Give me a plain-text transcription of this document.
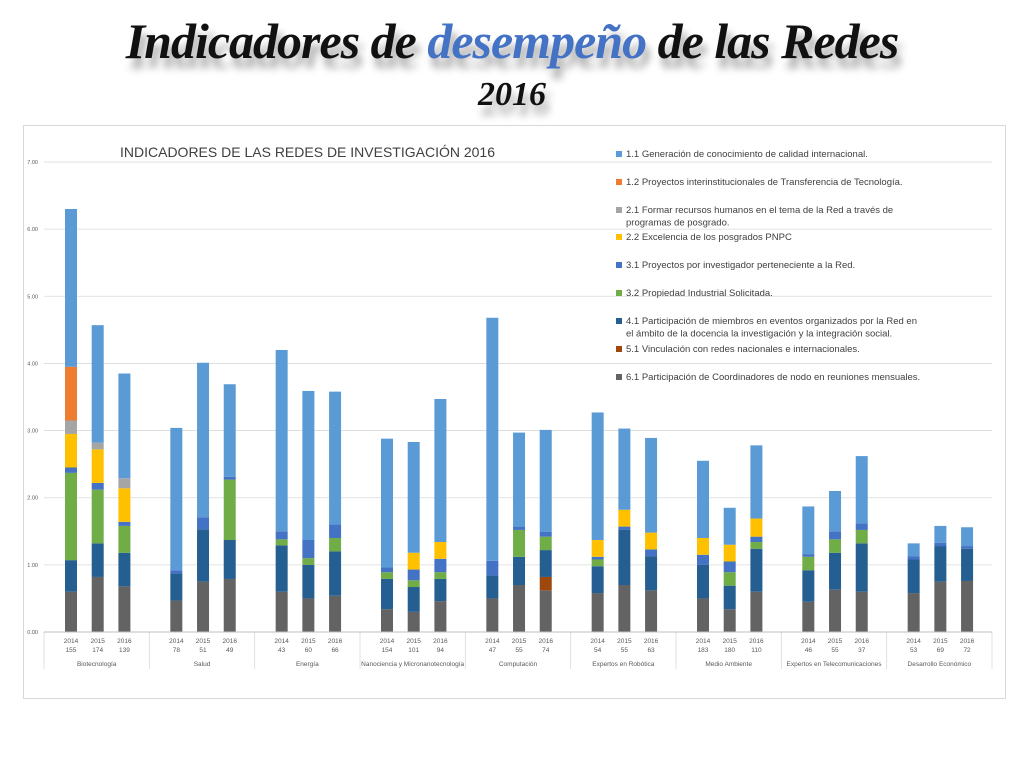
Indicadores de desempeño de las Redes
2016
INDICADORES DE LAS REDES DE INVESTIGACIÓN 2016
0.00
1.00
2.00
3.00
4.00
5.00
6.00
7.00
2014
155
2015
174
2016
139
Biotecnología
2014
78
2015
51
2016
49
Salud
2014
43
2015
60
2016
66
Energía
2014
154
2015
101
2016
94
Nanociencia y Micronanotecnología
2014
47
2015
55
2016
74
Computación
2014
54
2015
55
2016
63
Expertos en Robótica
2014
183
2015
180
2016
110
Medio Ambiente
2014
46
2015
55
2016
37
Expertos en Telecomunicaciones
2014
53
2015
69
2016
72
Desarrollo Económico
1.1 Generación de conocimiento de calidad internacional.
1.2 Proyectos interinstitucionales de Transferencia de Tecnología.
2.1 Formar recursos humanos en el tema de la Red a través de programas de posgrado.
2.2 Excelencia de los posgrados PNPC
3.1 Proyectos por investigador perteneciente a la Red.
3.2 Propiedad Industrial Solicitada.
4.1 Participación de miembros en eventos organizados por la Red en el ámbito de la docencia la investigación y la integración social.
5.1 Vinculación con redes nacionales e internacionales.
6.1 Participación de Coordinadores de nodo en reuniones mensuales.
